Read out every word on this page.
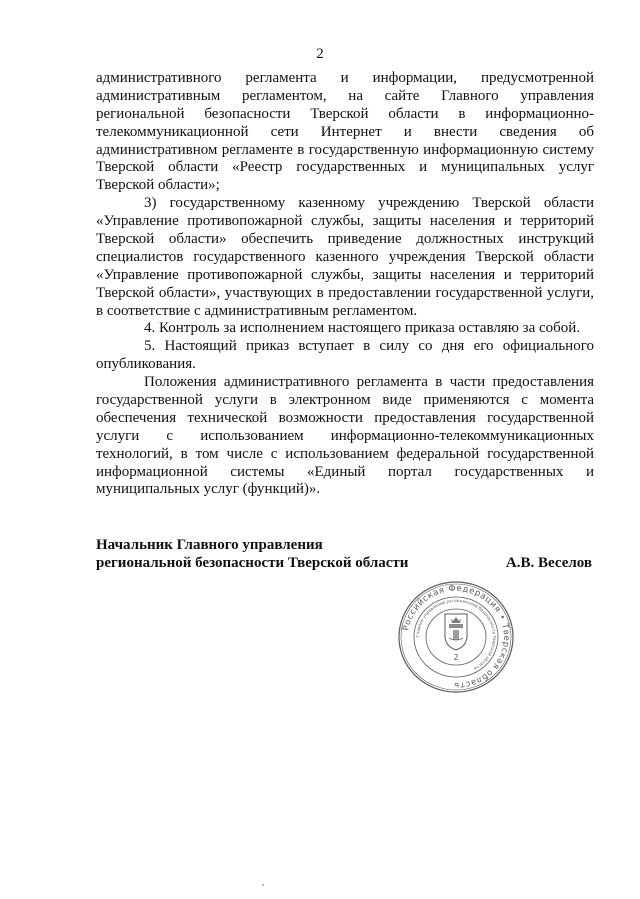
2
административного регламента и информации, предусмотренной
административным регламентом, на сайте Главного управления
региональной безопасности Тверской области в информационно-
телекоммуникационной сети Интернет и внести сведения об
административном регламенте в государственную информационную систему
Тверской области «Реестр государственных и муниципальных услуг
Тверской области»;
3) государственному казенному учреждению Тверской области
«Управление противопожарной службы, защиты населения и территорий
Тверской области» обеспечить приведение должностных инструкций
специалистов государственного казенного учреждения Тверской области
«Управление противопожарной службы, защиты населения и территорий
Тверской области», участвующих в предоставлении государственной услуги,
в соответствие с административным регламентом.
4. Контроль за исполнением настоящего приказа оставляю за собой.
5. Настоящий приказ вступает в силу со дня его официального
опубликования.
Положения административного регламента в части предоставления
государственной услуги в электронном виде применяются с момента
обеспечения технической возможности предоставления государственной
услуги с использованием информационно-телекоммуникационных
технологий, в том числе с использованием федеральной государственной
информационной системы «Единый портал государственных и
муниципальных услуг (функций)».
Начальник Главного управления
региональной безопасности Тверской области	А.В. Веселов
Российская Федерация • Тверская область
Главное управление региональной безопасности Тверской области
2
